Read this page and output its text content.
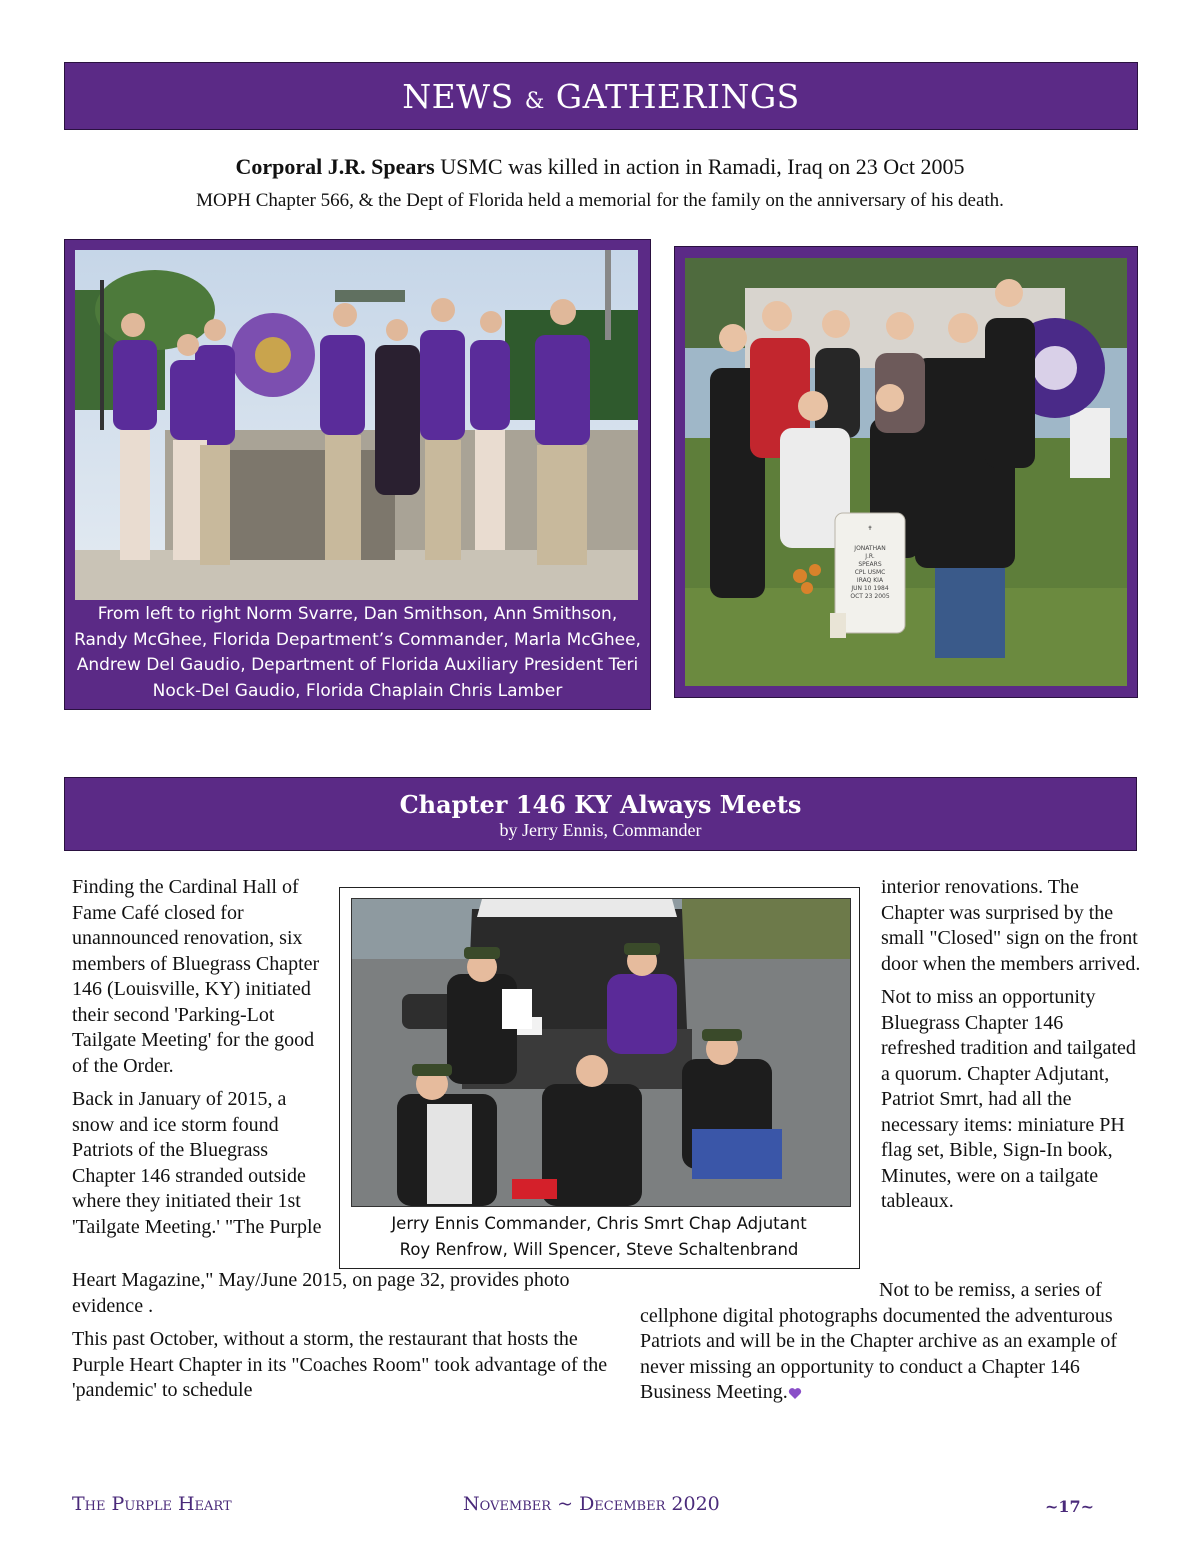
NEWS & GATHERINGS
Corporal J.R. Spears USMC was killed in action in Ramadi, Iraq on 23 Oct 2005
MOPH Chapter 566, & the Dept of Florida held a memorial for the family on the anniversary of his death.
From left to right Norm Svarre, Dan Smithson, Ann Smithson, Randy McGhee, Florida Department’s Commander, Marla McGhee, Andrew Del Gaudio, Department of Florida Auxiliary President Teri Nock-Del Gaudio, Florida Chaplain Chris Lamber
✝
JONATHAN
J.R.
SPEARS
CPL USMC
IRAQ KIA
JUN 10 1984
OCT 23 2005
Chapter 146 KY Always Meets
by Jerry Ennis, Commander

Finding the Cardinal Hall of Fame Café closed for unannounced renovation, six members of Bluegrass Chapter 146 (Louisville, KY) initiated their second 'Parking-Lot Tailgate Meeting' for the good of the Order.

Back in January of 2015, a snow and ice storm found Patriots of the Bluegrass Chapter 146 stranded outside where they initiated their 1st 'Tailgate Meeting.' "The Purple

Heart Magazine," May/June 2015, on page 32, provides photo evidence .

This past October, without a storm, the restaurant that hosts the Purple Heart Chapter in its "Coaches Room" took advantage of the 'pandemic' to schedule

interior renovations. The Chapter was surprised by the small "Closed" sign on the front door when the members arrived.

Not to miss an opportunity Bluegrass Chapter 146 refreshed tradition and tailgated a quorum. Chapter Adjutant, Patriot Smrt, had all the necessary items: miniature PH flag set, Bible, Sign-In book, Minutes, were on a tailgate tableaux.

Not to be remiss, a series of cellphone digital photographs documented the adventurous Patriots and will be in the Chapter archive as an example of never missing an opportunity to conduct a Chapter 146 Business Meeting.

Jerry Ennis Commander, Chris Smrt Chap Adjutant
Roy Renfrow, Will Spencer, Steve Schaltenbrand
The Purple Heart	November ~ December 2020	~17~
